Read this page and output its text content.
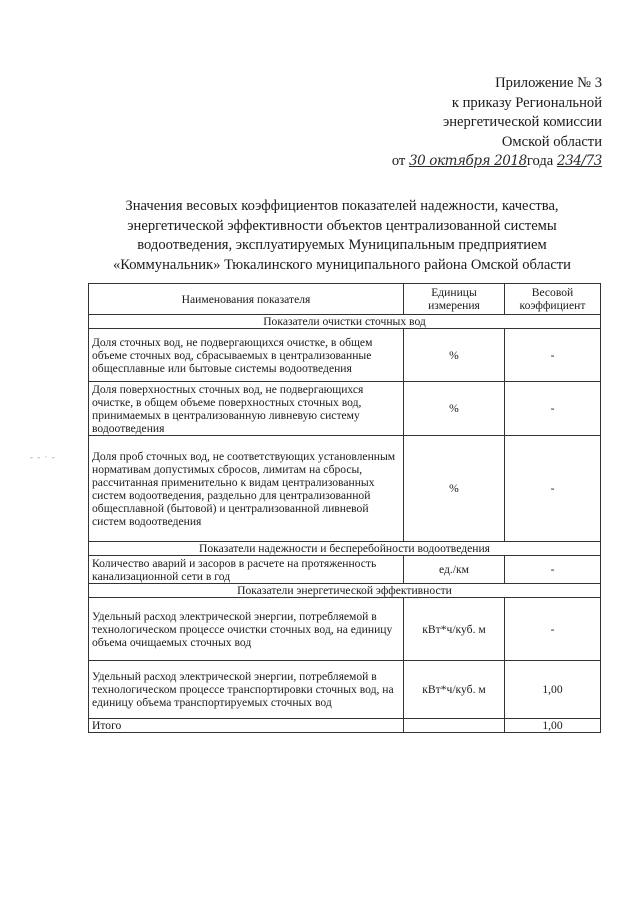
Приложение № 3
к приказу Региональной
энергетической комиссии
Омской области
от 30 октября 2018года 234/73
Значения весовых коэффициентов показателей надежности, качества,
энергетической эффективности объектов централизованной системы
водоотведения, эксплуатируемых Муниципальным предприятием
«Коммунальник» Тюкалинского муниципального района Омской области
- - · -
Наименования показателя	Единицы измерения	Весовой коэффициент
Показатели очистки сточных вод		
Доля сточных вод, не подвергающихся очистке, в общем объеме сточных вод, сбрасываемых в централизованные общесплавные или бытовые системы водоотведения	%	-
Доля поверхностных сточных вод, не подвергающихся очистке, в общем объеме поверхностных сточных вод, принимаемых в централизованную ливневую систему водоотведения	%	-
Доля проб сточных вод, не соответствующих установленным нормативам допустимых сбросов, лимитам на сбросы, рассчитанная применительно к видам централизованных систем водоотведения, раздельно для централизованной общесплавной (бытовой) и централизованной ливневой систем водоотведения	%	-
Показатели надежности и бесперебойности водоотведения		
Количество аварий и засоров в расчете на протяженность канализационной сети в год	ед./км	-
Показатели энергетической эффективности		
Удельный расход электрической энергии, потребляемой в технологическом процессе очистки сточных вод, на единицу объема очищаемых сточных вод	кВт*ч/куб. м	-
Удельный расход электрической энергии, потребляемой в технологическом процессе транспортировки сточных вод, на единицу объема транспортируемых сточных вод	кВт*ч/куб. м	1,00
Итого		1,00
